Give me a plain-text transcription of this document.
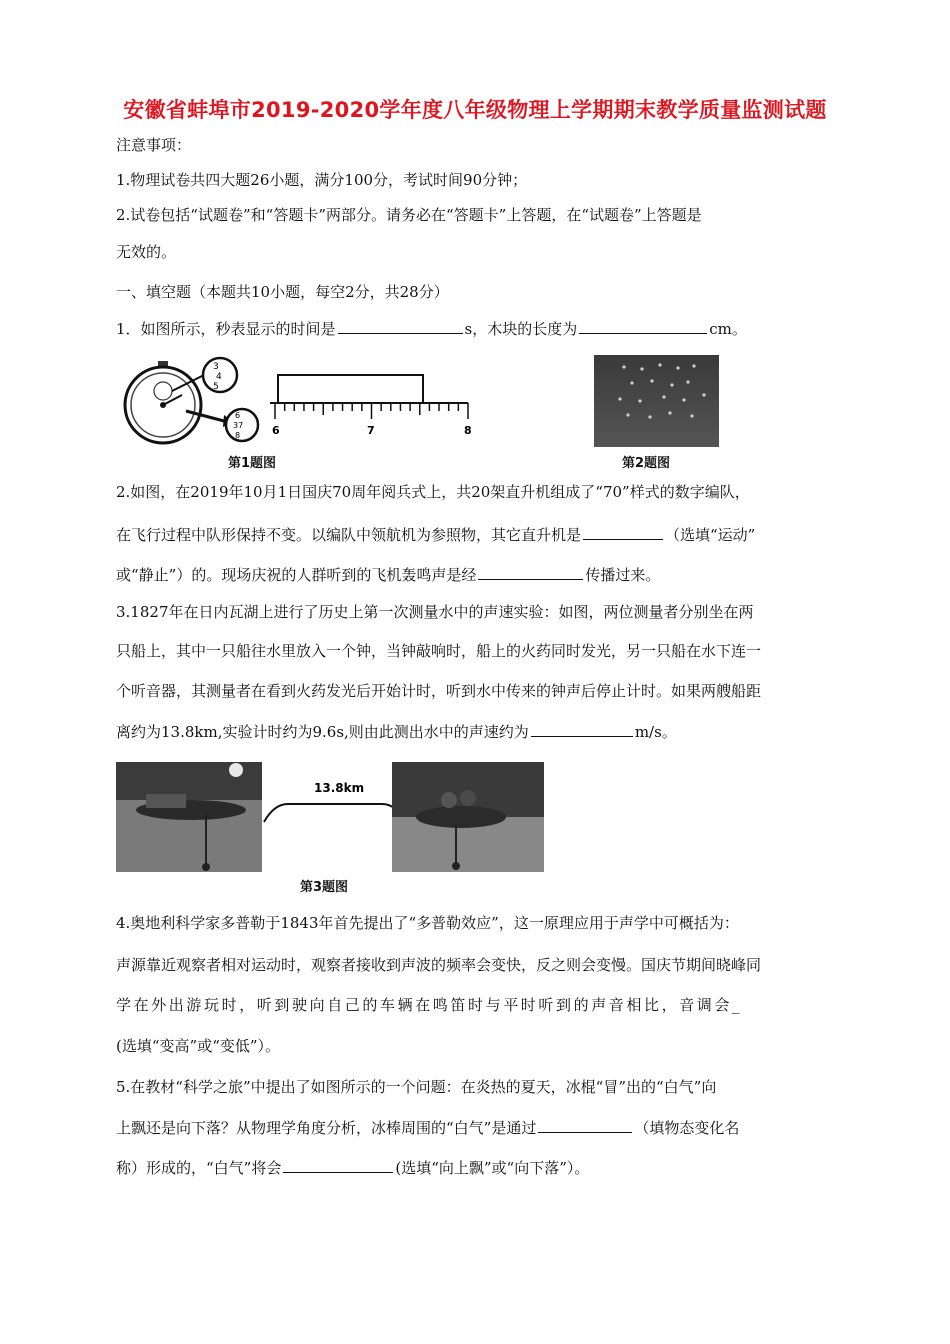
安徽省蚌埠市2019-2020学年度八年级物理上学期期末教学质量监测试题
注意事项：
1.物理试卷共四大题26小题，满分100分，考试时间90分钟；
2.试卷包括“试题卷”和“答题卡”两部分。请务必在“答题卡”上答题，在“试题卷”上答题是
无效的。
一、填空题（本题共10小题，每空2分，共28分）
1．如图所示，秒表显示的时间是	s，木块的长度为	cm。
3
4
5
6
37
8	6	7	8
第1题图	第2题图
2.如图，在2019年10月1日国庆70周年阅兵式上，共20架直升机组成了“70”样式的数字编队，
在飞行过程中队形保持不变。以编队中领航机为参照物，其它直升机是	（选填“运动”
或“静止”）的。现场庆祝的人群听到的飞机轰鸣声是经	传播过来。
3.1827年在日内瓦湖上进行了历史上第一次测量水中的声速实验：如图，两位测量者分别坐在两
只船上，其中一只船往水里放入一个钟，当钟敲响时，船上的火药同时发光，另一只船在水下连一
个听音器，其测量者在看到火药发光后开始计时，听到水中传来的钟声后停止计时。如果两艘船距
离约为13.8km,实验计时约为9.6s,则由此测出水中的声速约为	m/s。
13.8km
第3题图
4.奥地利科学家多普勒于1843年首先提出了“多普勒效应”，这一原理应用于声学中可概括为：
声源靠近观察者相对运动时，观察者接收到声波的频率会变快，反之则会变慢。国庆节期间晓峰同
学在外出游玩时，听到驶向自己的车辆在鸣笛时与平时听到的声音相比，音调会_
(选填“变高”或“变低”）。
5.在教材“科学之旅”中提出了如图所示的一个问题：在炎热的夏天，冰棍“冒”出的“白气”向
上飘还是向下落？从物理学角度分析，冰棒周围的“白气”是通过	（填物态变化名
称）形成的，“白气”将会	(选填“向上飘”或“向下落”）。
